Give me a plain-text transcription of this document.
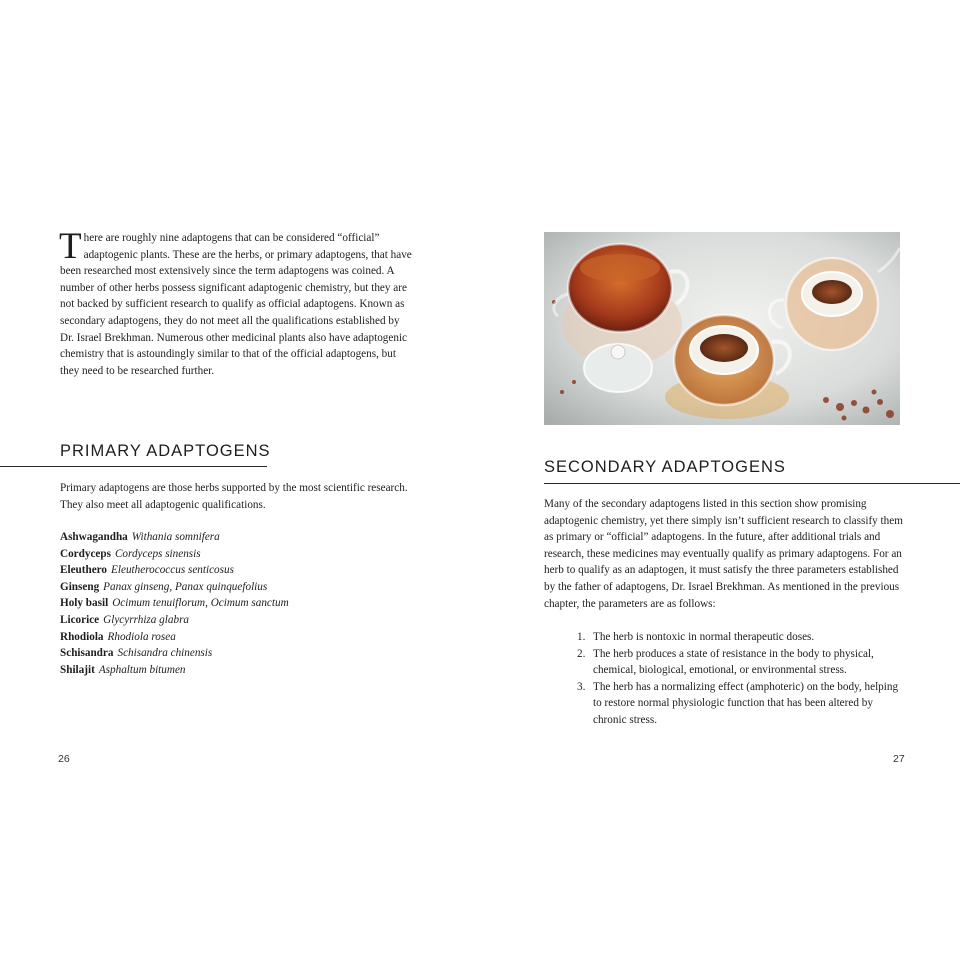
There are roughly nine adaptogens that can be considered “official” adaptogenic plants. These are the herbs, or primary adaptogens, that have been researched most extensively since the term adaptogens was coined. A number of other herbs possess significant adaptogenic chemistry, but they are not backed by sufficient research to qualify as official adaptogens. Known as secondary adaptogens, they do not meet all the qualifications established by Dr. Israel Brekhman. Numerous other medicinal plants also have adaptogenic chemistry that is astoundingly similar to that of the official adaptogens, but they need to be researched further.

PRIMARY ADAPTOGENS

Primary adaptogens are those herbs supported by the most scientific research. They also meet all adaptogenic qualifications.

Ashwagandha Withania somnifera
Cordyceps Cordyceps sinensis
Eleuthero Eleutherococcus senticosus
Ginseng Panax ginseng, Panax quinquefolius
Holy basil Ocimum tenuiflorum, Ocimum sanctum
Licorice Glycyrrhiza glabra
Rhodiola Rhodiola rosea
Schisandra Schisandra chinensis
Shilajit Asphaltum bitumen
26
SECONDARY ADAPTOGENS

Many of the secondary adaptogens listed in this section show promising adaptogenic chemistry, yet there simply isn’t sufficient research to classify them as primary or “official” adaptogens. In the future, after additional trials and research, these medicines may eventually qualify as primary adaptogens. For an herb to qualify as an adaptogen, it must satisfy the three parameters established by the father of adaptogens, Dr. Israel Brekhman. As mentioned in the previous chapter, the parameters are as follows:

1. The herb is nontoxic in normal therapeutic doses.
2. The herb produces a state of resistance in the body to physical, chemical, biological, emotional, or environmental stress.
3. The herb has a normalizing effect (amphoteric) on the body, helping to restore normal physiologic function that has been altered by chronic stress.
27
